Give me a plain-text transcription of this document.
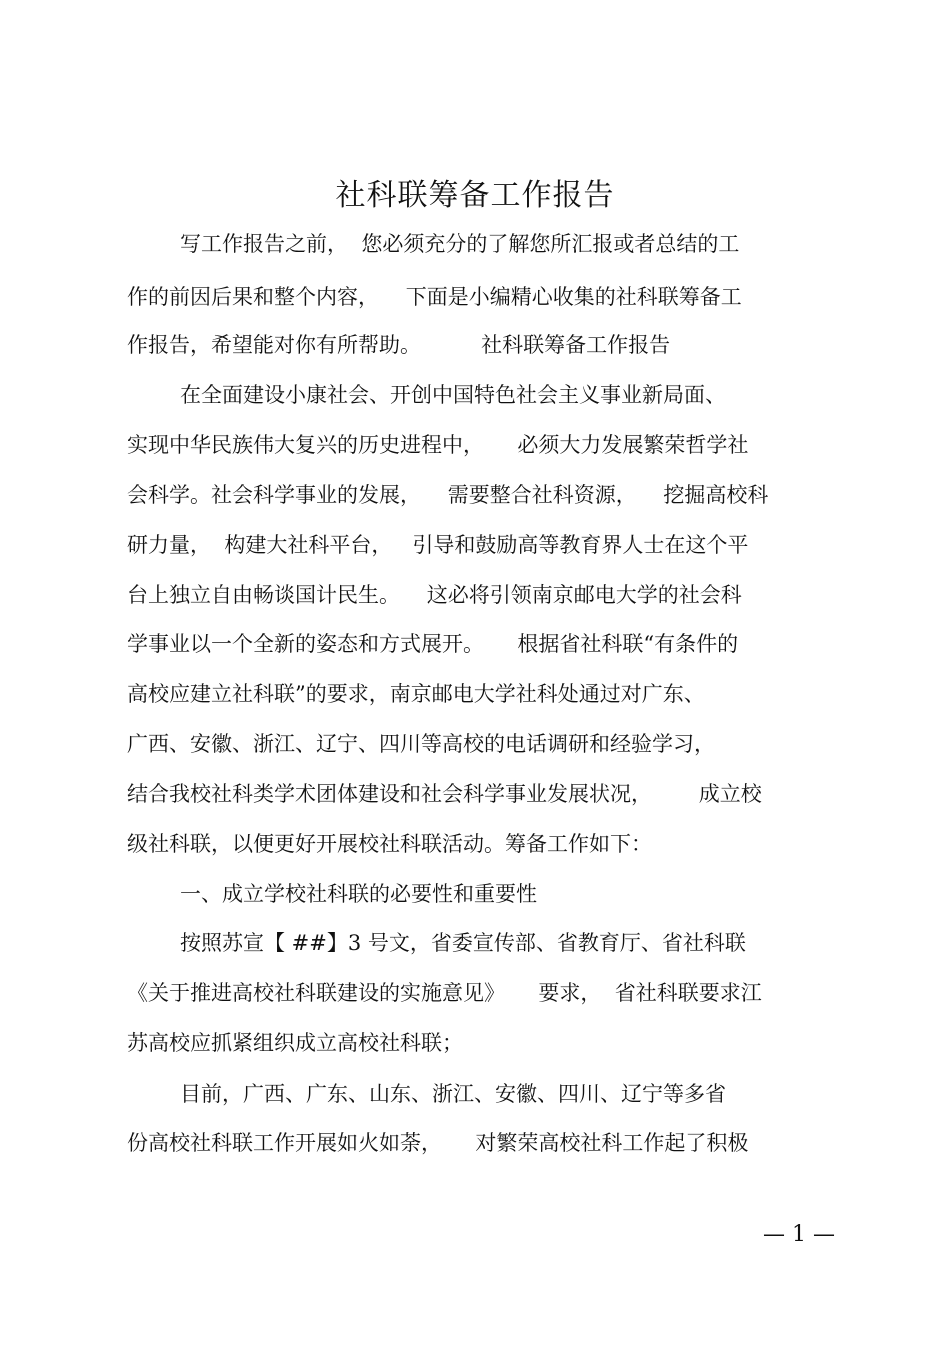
社科联筹备工作报告
写工作报告之前，  您必须充分的了解您所汇报或者总结的工
作的前因后果和整个内容，    下面是小编精心收集的社科联筹备工
作报告，希望能对你有所帮助。         社科联筹备工作报告
在全面建设小康社会、开创中国特色社会主义事业新局面、
实现中华民族伟大复兴的历史进程中，     必须大力发展繁荣哲学社
会科学。社会科学事业的发展，    需要整合社科资源，    挖掘高校科
研力量，  构建大社科平台，   引导和鼓励高等教育界人士在这个平
台上独立自由畅谈国计民生。    这必将引领南京邮电大学的社会科
学事业以一个全新的姿态和方式展开。     根据省社科联“有条件的
高校应建立社科联”的要求，南京邮电大学社科处通过对广东、
广西、安徽、浙江、辽宁、四川等高校的电话调研和经验学习，
结合我校社科类学术团体建设和社会科学事业发展状况，       成立校
级社科联，以便更好开展校社科联活动。筹备工作如下：
一、成立学校社科联的必要性和重要性
按照苏宣【 ##】3 号文，省委宣传部、省教育厅、省社科联
《关于推进高校社科联建设的实施意见》     要求，  省社科联要求江
苏高校应抓紧组织成立高校社科联；
目前，广西、广东、山东、浙江、安徽、四川、辽宁等多省
份高校社科联工作开展如火如荼，     对繁荣高校社科工作起了积极
— 1 —
